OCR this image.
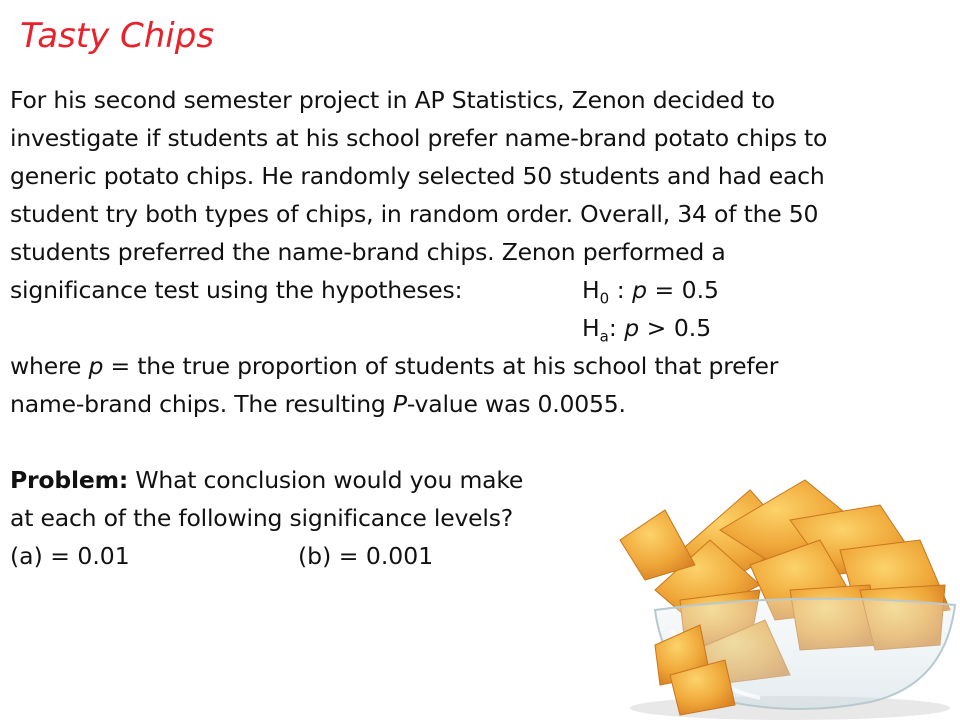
Tasty Chips
For his second semester project in AP Statistics, Zenon decided to
investigate if students at his school prefer name-brand potato chips to
generic potato chips. He randomly selected 50 students and had each
student try both types of chips, in random order. Overall, 34 of the 50
students preferred the name-brand chips. Zenon performed a
significance test using the hypotheses:	$H_0$ : p = 0.5
$H_a$: p > 0.5
where p = the true proportion of students at his school that prefer
name-brand chips. The resulting P-value was 0.0055.
Problem: What conclusion would you make
at each of the following significance levels?
(a) = 0.01	(b) = 0.001
